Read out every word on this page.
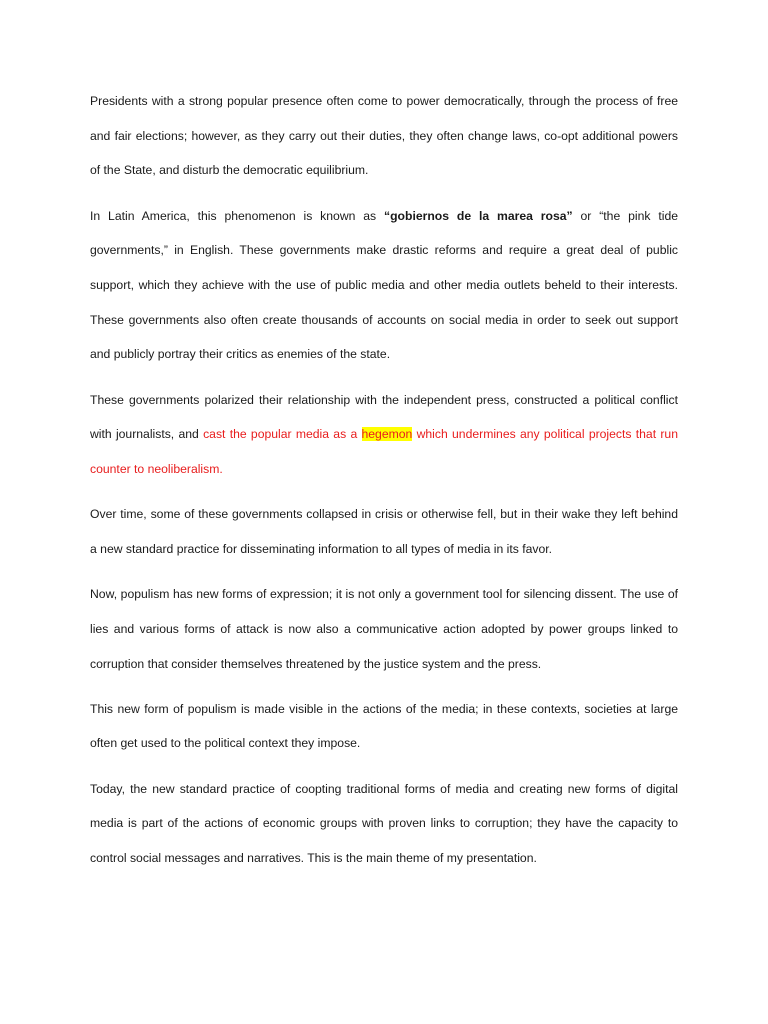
Presidents with a strong popular presence often come to power democratically, through the process of free and fair elections; however, as they carry out their duties, they often change laws, co-opt additional powers of the State, and disturb the democratic equilibrium.

In Latin America, this phenomenon is known as “gobiernos de la marea rosa” or “the pink tide governments,” in English. These governments make drastic reforms and require a great deal of public support, which they achieve with the use of public media and other media outlets beheld to their interests. These governments also often create thousands of accounts on social media in order to seek out support and publicly portray their critics as enemies of the state.

These governments polarized their relationship with the independent press, constructed a political conflict with journalists, and cast the popular media as a hegemon which undermines any political projects that run counter to neoliberalism.

Over time, some of these governments collapsed in crisis or otherwise fell, but in their wake they left behind a new standard practice for disseminating information to all types of media in its favor.

Now, populism has new forms of expression; it is not only a government tool for silencing dissent. The use of lies and various forms of attack is now also a communicative action adopted by power groups linked to corruption that consider themselves threatened by the justice system and the press.

This new form of populism is made visible in the actions of the media; in these contexts, societies at large often get used to the political context they impose.

Today, the new standard practice of coopting traditional forms of media and creating new forms of digital media is part of the actions of economic groups with proven links to corruption; they have the capacity to control social messages and narratives. This is the main theme of my presentation.
